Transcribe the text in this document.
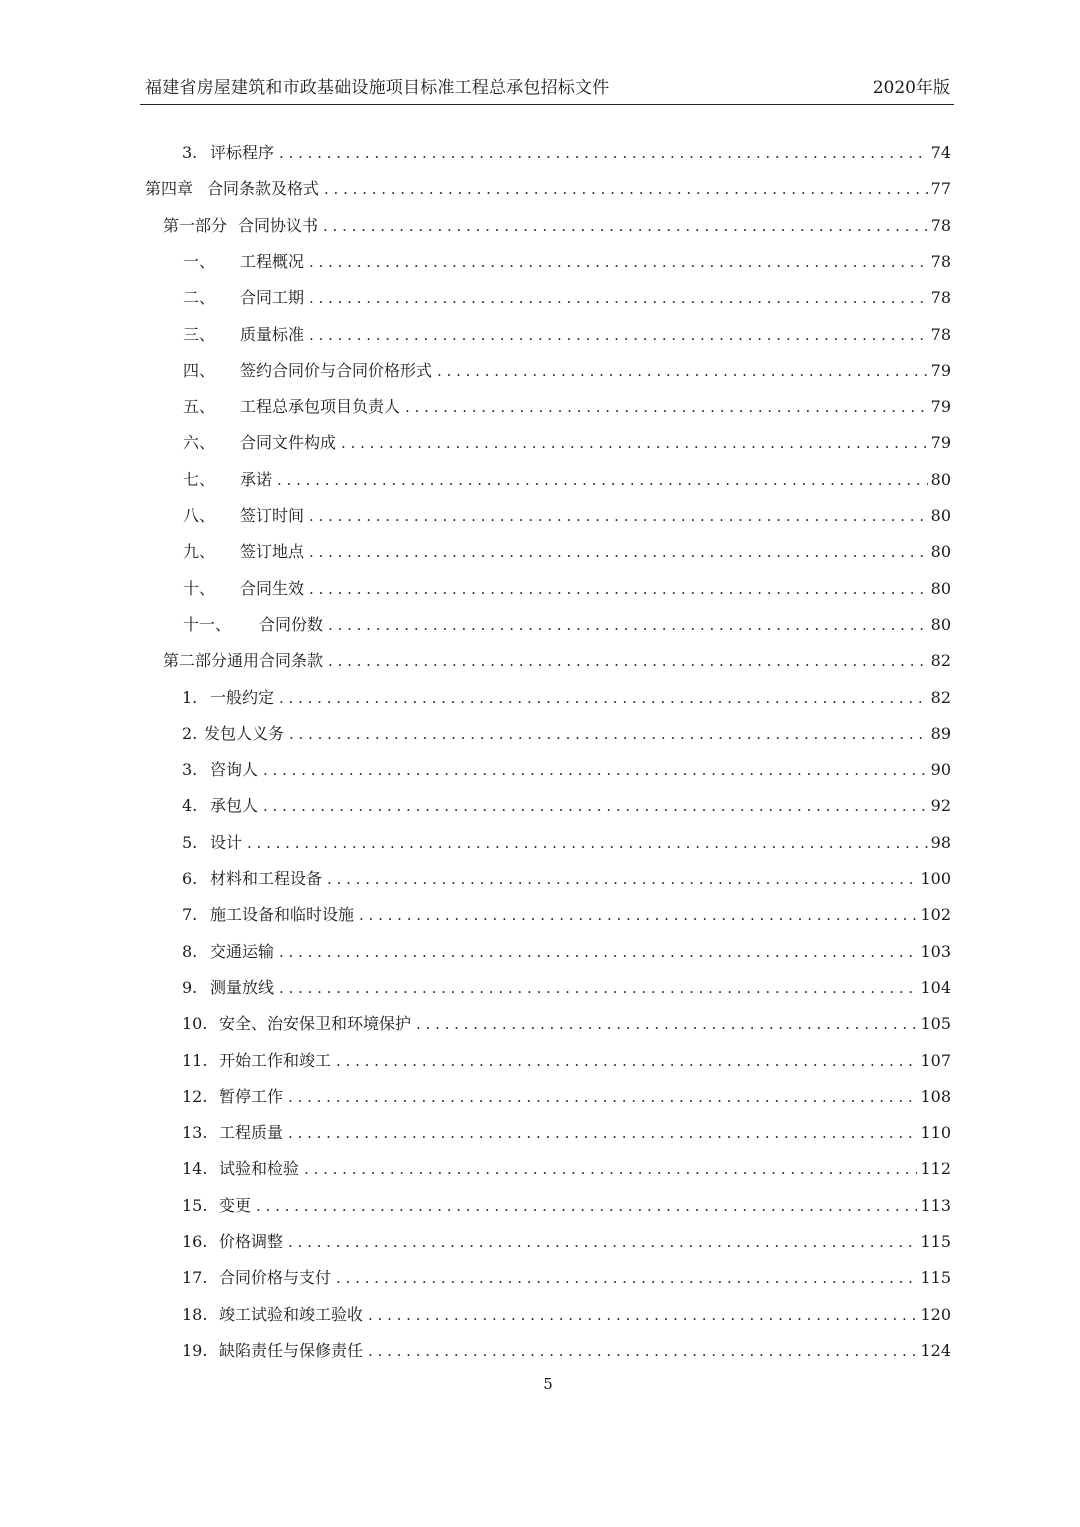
福建省房屋建筑和市政基础设施项目标准工程总承包招标文件	2020年版
3. 评标程序 . . .	74
第四章 合同条款及格式 . . .	77
第一部分 合同协议书 . . .	78
一、	工程概况 . . .	78
二、	合同工期 . . .	78
三、	质量标准 . . .	78
四、	签约合同价与合同价格形式 . . .	79
五、	工程总承包项目负责人 . . .	79
六、	合同文件构成 . . .	79
七、	承诺 . . .	80
八、	签订时间 . . .	80
九、	签订地点 . . .	80
十、	合同生效 . . .	80
十一、	合同份数 . . .	80
第二部分通用合同条款 . . .	82
1. 一般约定 . . .	82
2. 发包人义务 . . .	89
3. 咨询人 . . .	90
4. 承包人 . . .	92
5. 设计 . . .	98
6. 材料和工程设备 . . .	100
7. 施工设备和临时设施 . . .	102
8. 交通运输 . . .	103
9. 测量放线 . . .	104
10. 安全、治安保卫和环境保护 . . .	105
11. 开始工作和竣工 . . .	107
12. 暂停工作 . . .	108
13. 工程质量 . . .	110
14. 试验和检验 . . .	112
15. 变更 . . .	113
16. 价格调整 . . .	115
17. 合同价格与支付 . . .	115
18. 竣工试验和竣工验收 . . .	120
19. 缺陷责任与保修责任 . . .	124
5
